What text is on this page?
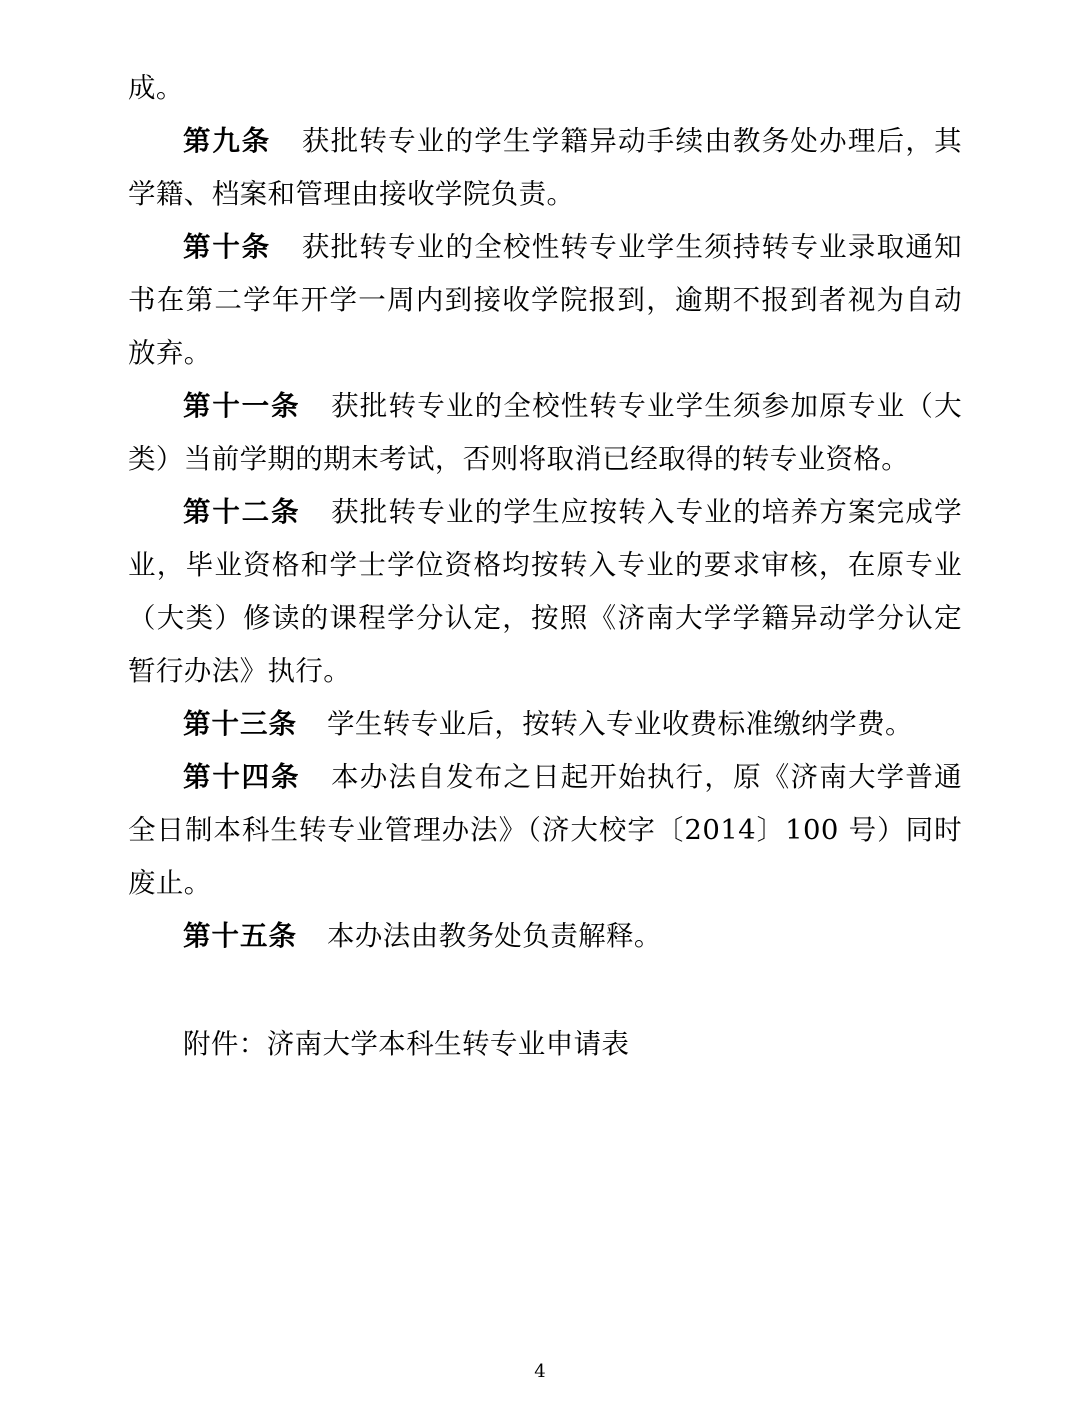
成。

第九条 获批转专业的学生学籍异动手续由教务处办理后，其学籍、档案和管理由接收学院负责。

第十条 获批转专业的全校性转专业学生须持转专业录取通知书在第二学年开学一周内到接收学院报到，逾期不报到者视为自动放弃。

第十一条 获批转专业的全校性转专业学生须参加原专业（大类）当前学期的期末考试，否则将取消已经取得的转专业资格。

第十二条 获批转专业的学生应按转入专业的培养方案完成学业，毕业资格和学士学位资格均按转入专业的要求审核，在原专业（大类）修读的课程学分认定，按照《济南大学学籍异动学分认定暂行办法》执行。

第十三条 学生转专业后，按转入专业收费标准缴纳学费。

第十四条 本办法自发布之日起开始执行，原《济南大学普通全日制本科生转专业管理办法》（济大校字〔2014〕100 号）同时废止。

第十五条 本办法由教务处负责解释。

附件：济南大学本科生转专业申请表

4
